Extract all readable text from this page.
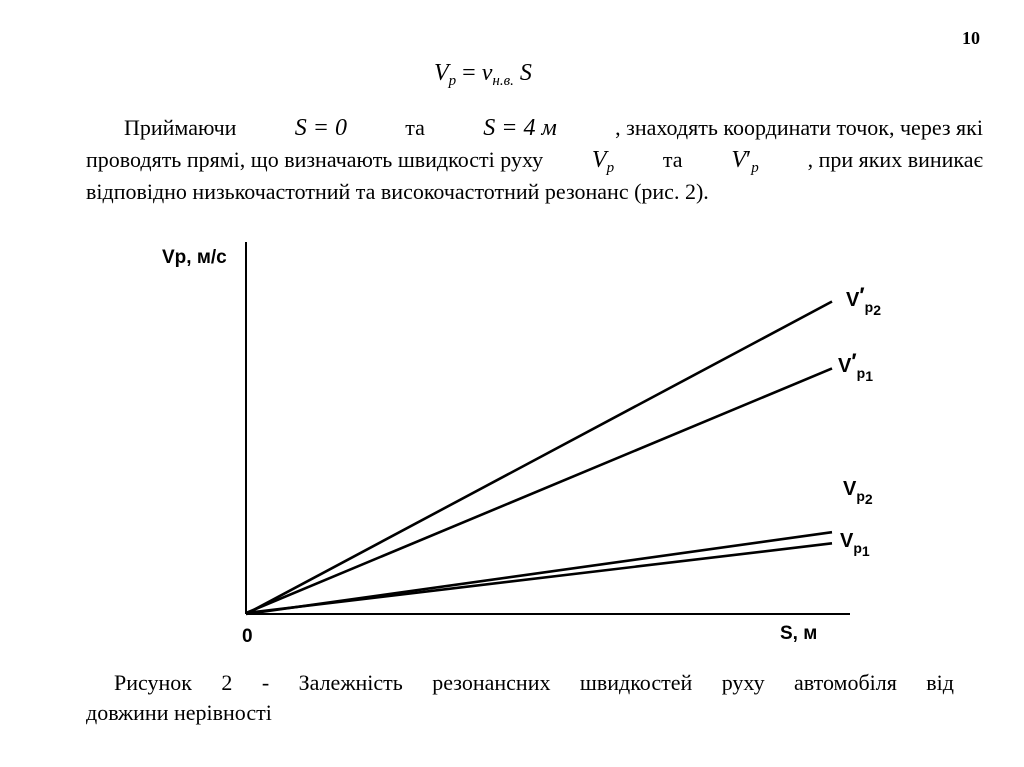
10
$V_p = v_{н.в.}$ S
Приймаючи S = 0	та S = 4 м	, знаходять координати точок, через які
проводять прямі, що визначають швидкості руху $V_p$ та $V'_p$ , при яких виникає
відповідно низькочастотний та високочастотний резонанс (рис. 2).
Vр, м/с
S, м
0
$V'_р2$
$V'_р1$
$V_р2$
$V_р1$
Рисунок 2 - Залежність резонансних швидкостей руху автомобіля від
довжини нерівності
